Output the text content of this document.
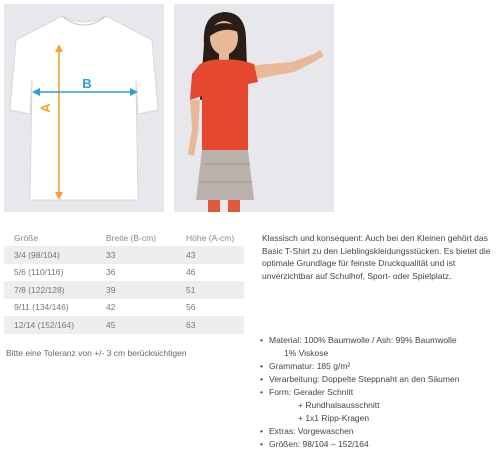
A
B
Größe	Breite (B-cm)	Höhe (A-cm)
3/4 (98/104)	33	43
5/6 (110/116)	36	46
7/8 (122/128)	39	51
9/11 (134/146)	42	56
12/14 (152/164)	45	63
Bitte eine Toleranz von +/- 3 cm berücksichtigen
Klassisch und konsequent: Auch bei den Kleinen gehört das Basic T-Shirt zu den Lieblingskleidungsstücken. Es bietet die optimale Grundlage für feinste Druckqualität und ist unverzichtbar auf Schulhof, Sport- oder Spielplatz.
• Material: 100% Baumwolle / Ash: 99% Baumwolle
1% Viskose
• Grammatur: 185 g/m²
• Verarbeitung: Doppelte Steppnaht an den Säumen
• Form: Gerader Schnitt
+ Rundhalsausschnitt
+ 1x1 Ripp-Kragen
• Extras: Vorgewaschen
• Größen: 98/104 – 152/164
